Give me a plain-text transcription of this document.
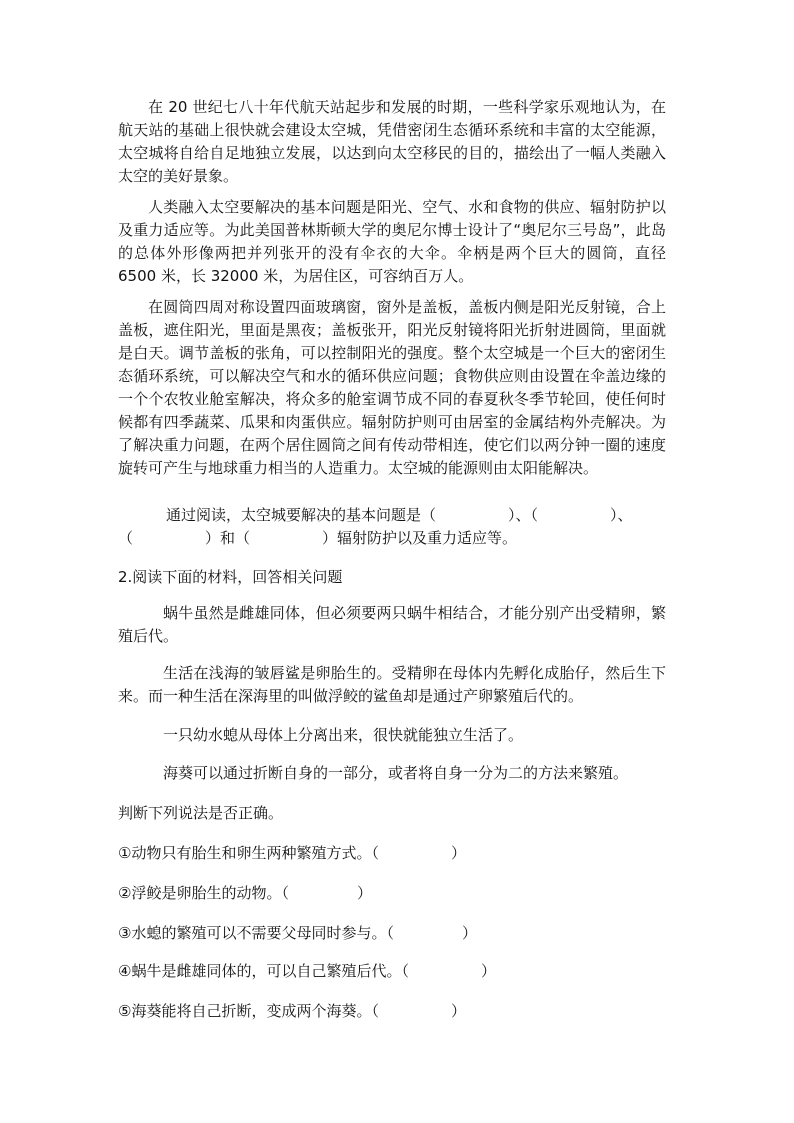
在 20 世纪七八十年代航天站起步和发展的时期，一些科学家乐观地认为，在航天站的基础上很快就会建设太空城，凭借密闭生态循环系统和丰富的太空能源，太空城将自给自足地独立发展，以达到向太空移民的目的，描绘出了一幅人类融入太空的美好景象。

人类融入太空要解决的基本问题是阳光、空气、水和食物的供应、辐射防护以及重力适应等。为此美国普林斯顿大学的奥尼尔博士设计了“奥尼尔三号岛”，此岛的总体外形像两把并列张开的没有伞衣的大伞。伞柄是两个巨大的圆筒，直径 6500 米，长 32000 米，为居住区，可容纳百万人。

在圆筒四周对称设置四面玻璃窗，窗外是盖板，盖板内侧是阳光反射镜，合上盖板，遮住阳光，里面是黑夜；盖板张开，阳光反射镜将阳光折射进圆筒，里面就是白天。调节盖板的张角，可以控制阳光的强度。整个太空城是一个巨大的密闭生态循环系统，可以解决空气和水的循环供应问题；食物供应则由设置在伞盖边缘的一个个农牧业舱室解决，将众多的舱室调节成不同的春夏秋冬季节轮回，使任何时候都有四季蔬菜、瓜果和肉蛋供应。辐射防护则可由居室的金属结构外壳解决。为了解决重力问题，在两个居住圆筒之间有传动带相连，使它们以两分钟一圈的速度旋转可产生与地球重力相当的人造重力。太空城的能源则由太阳能解决。

通过阅读，太空城要解决的基本问题是（	）、（	）、
（	）和（	）辐射防护以及重力适应等。
2.阅读下面的材料，回答相关问题

蜗牛虽然是雌雄同体，但必须要两只蜗牛相结合，才能分别产出受精卵，繁殖后代。

生活在浅海的皱唇鲨是卵胎生的。受精卵在母体内先孵化成胎仔，然后生下来。而一种生活在深海里的叫做浮鲛的鲨鱼却是通过产卵繁殖后代的。

一只幼水螅从母体上分离出来，很快就能独立生活了。

海葵可以通过折断自身的一部分，或者将自身一分为二的方法来繁殖。

判断下列说法是否正确。
①动物只有胎生和卵生两种繁殖方式。（	）
②浮鲛是卵胎生的动物。（	）
③水螅的繁殖可以不需要父母同时参与。（	）
④蜗牛是雌雄同体的，可以自己繁殖后代。（	）
⑤海葵能将自己折断，变成两个海葵。（	）
